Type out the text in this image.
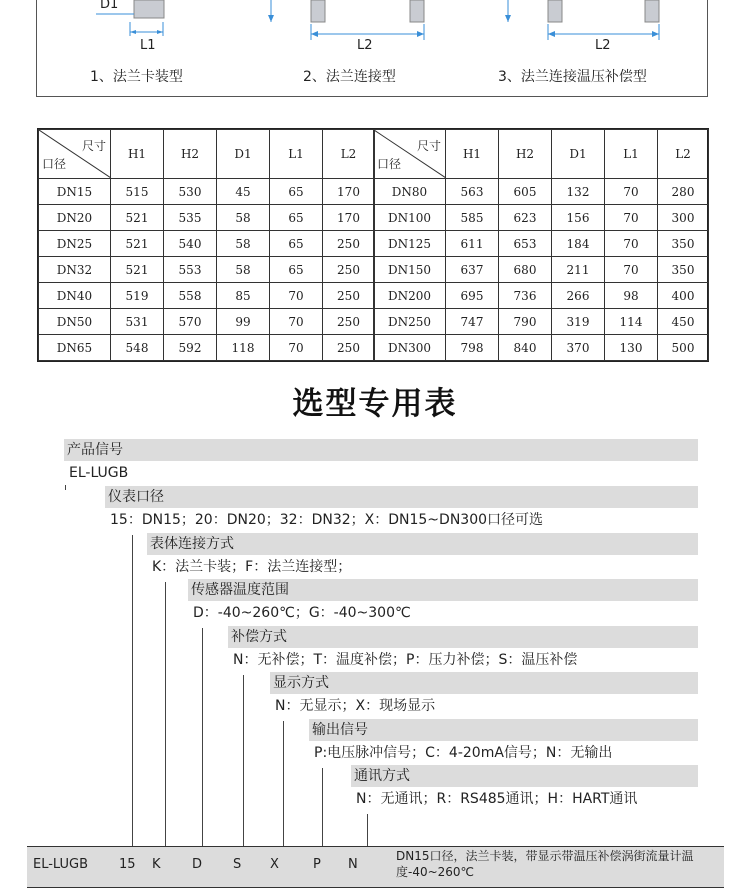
D1
L1	L2	L2
1、法兰卡装型	2、法兰连接型	3、法兰连接温压补偿型
尺寸
口径	H1	H2	D1	L1	L2
DN15	515	530	45	65	170
DN20	521	535	58	65	170
DN25	521	540	58	65	250
DN32	521	553	58	65	250
DN40	519	558	85	70	250
DN50	531	570	99	70	250
DN65	548	592	118	70	250
尺寸
口径	H1	H2	D1	L1	L2
DN80	563	605	132	70	280
DN100	585	623	156	70	300
DN125	611	653	184	70	350
DN150	637	680	211	70	350
DN200	695	736	266	98	400
DN250	747	790	319	114	450
DN300	798	840	370	130	500
选型专用表
产品信号
EL-LUGB
仪表口径
15：DN15；20：DN20；32：DN32；X：DN15~DN300口径可选
表体连接方式
K：法兰卡装；F：法兰连接型；
传感器温度范围
D：-40~260℃；G：-40~300℃
补偿方式
N：无补偿；T：温度补偿；P：压力补偿；S：温压补偿
显示方式
N：无显示；X：现场显示
输出信号
P:电压脉冲信号；C：4-20mA信号；N：无输出
通讯方式
N：无通讯；R：RS485通讯；H：HART通讯
EL-LUGB 15 K D S X	P N
DN15口径，法兰卡装，带显示带温压补偿涡街流量计温度-40~260℃
